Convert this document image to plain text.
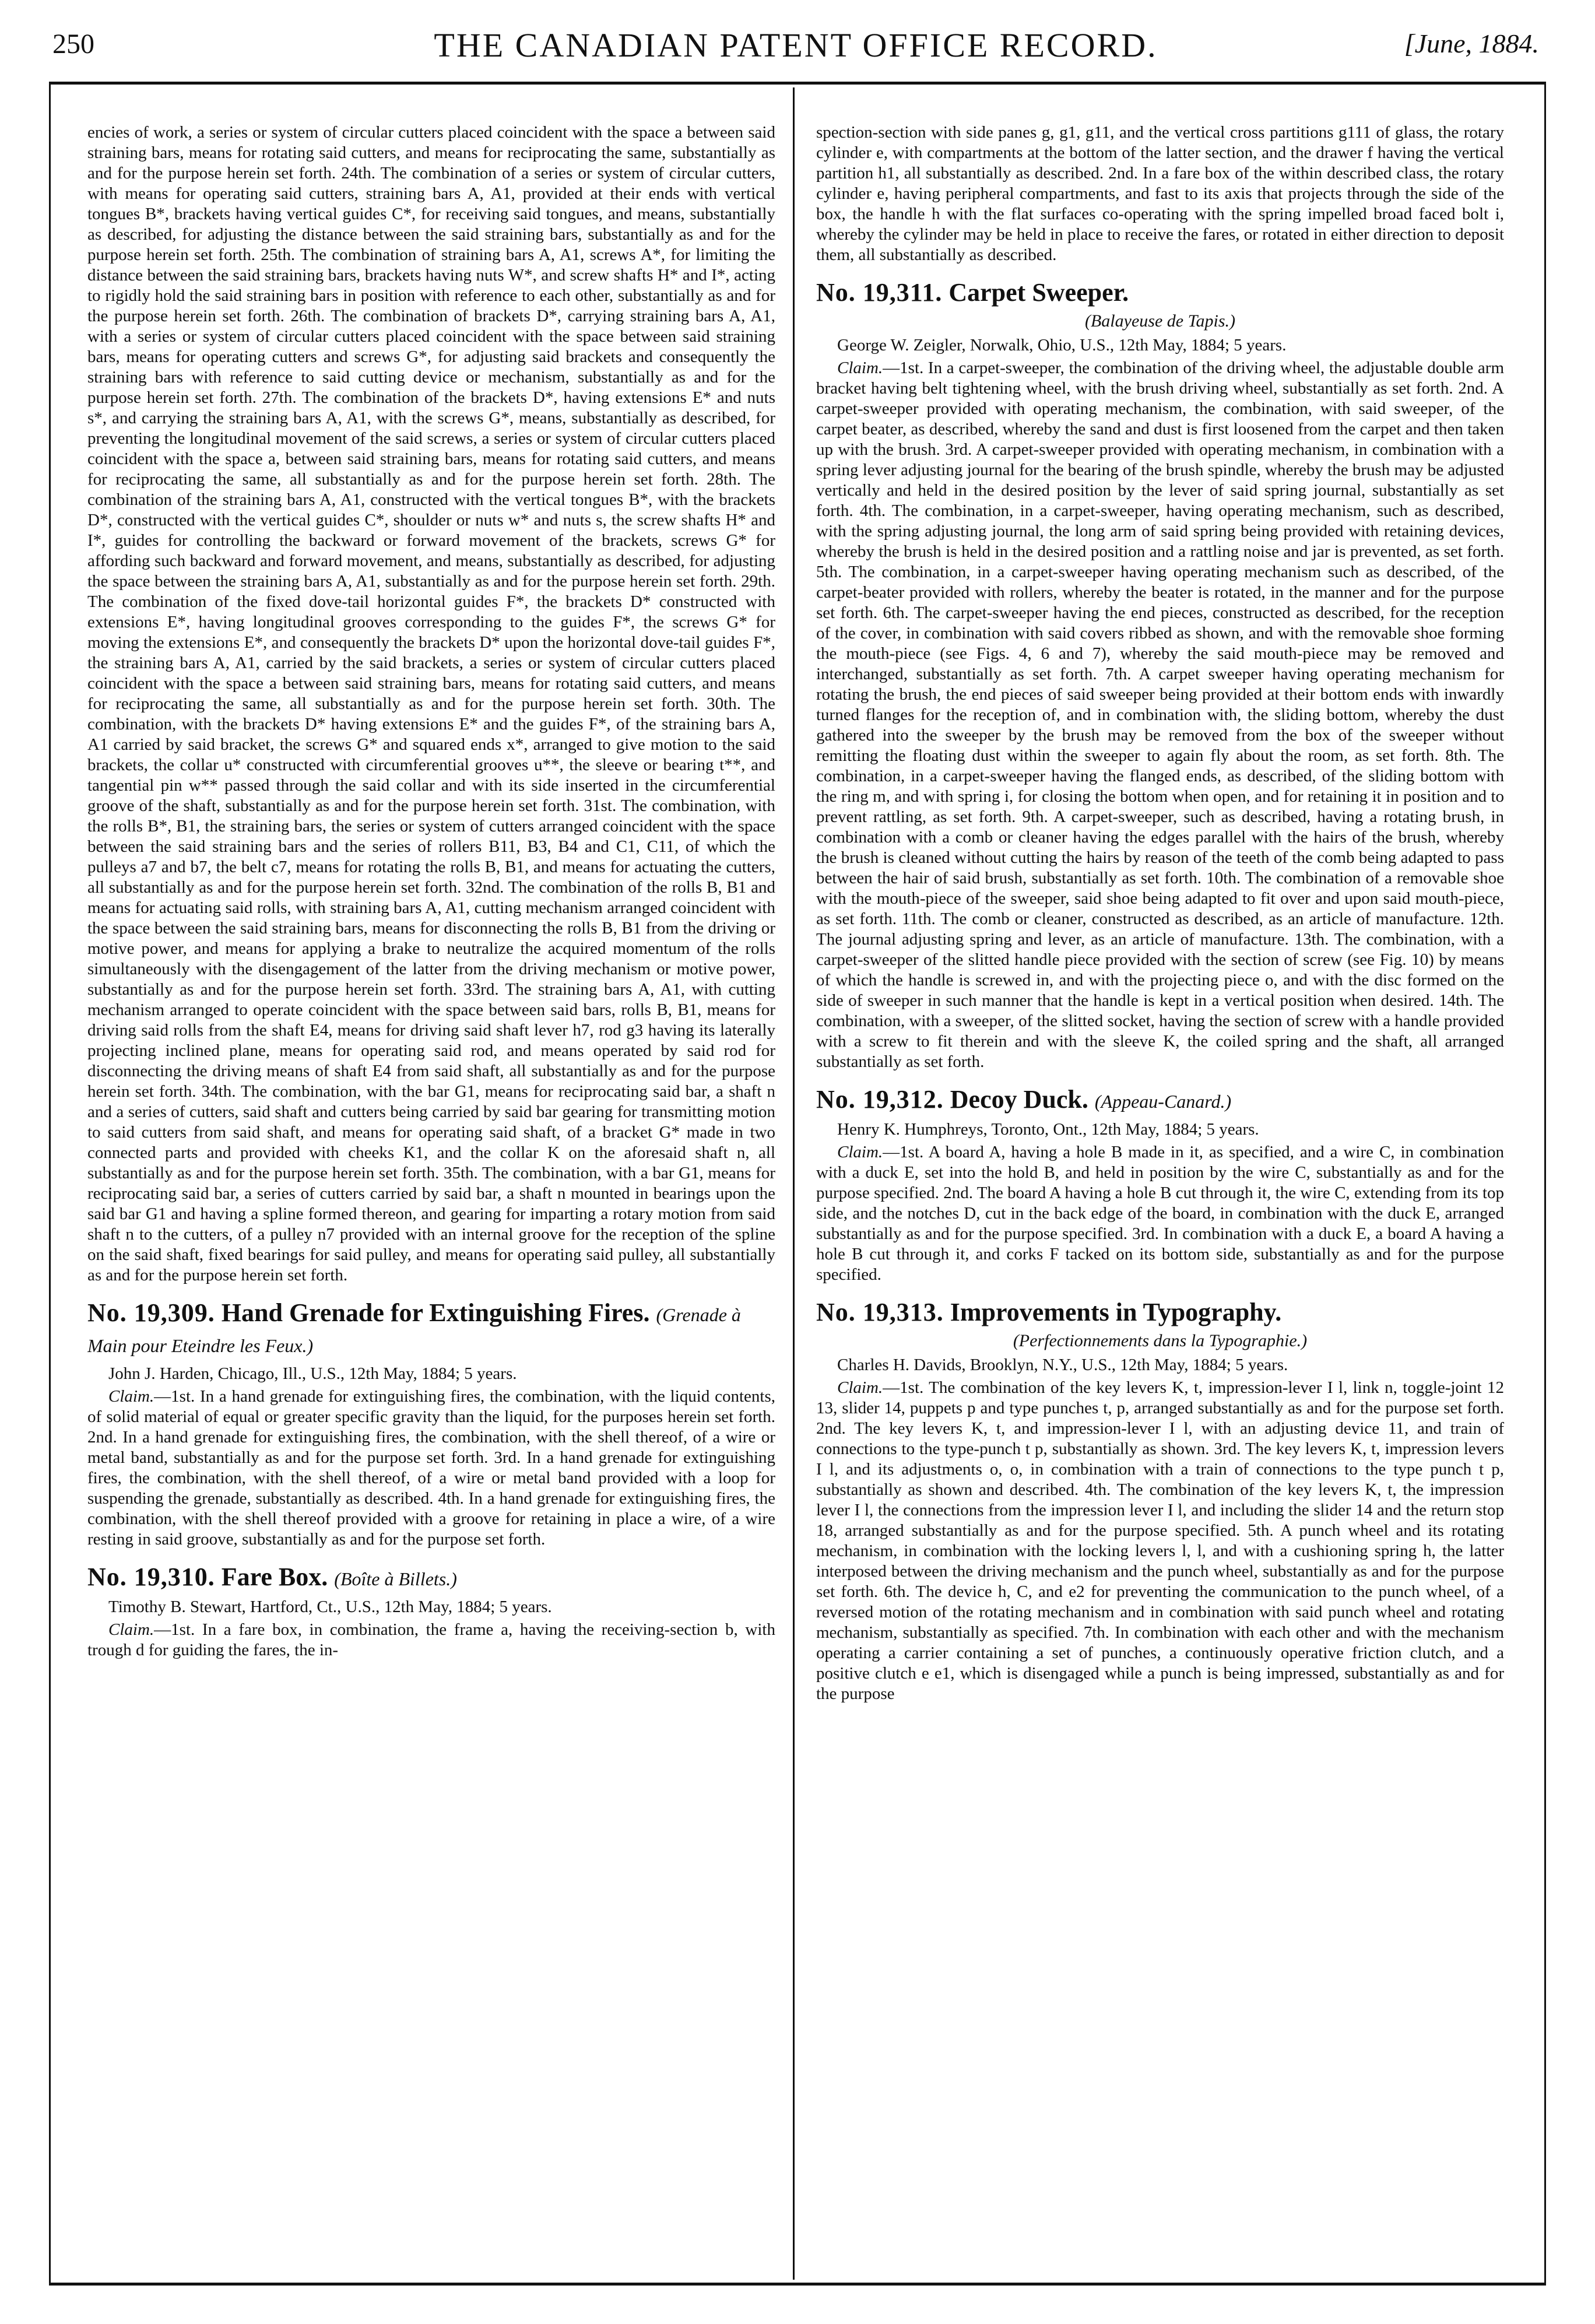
250	THE CANADIAN PATENT OFFICE RECORD.	[June, 1884.

encies of work, a series or system of circular cutters placed coincident with the space a between said straining bars, means for rotating said cutters, and means for reciprocating the same, substantially as and for the purpose herein set forth. 24th. The combination of a series or system of circular cutters, with means for operating said cutters, straining bars A, A1, provided at their ends with vertical tongues B*, brackets having vertical guides C*, for receiving said tongues, and means, substantially as described, for adjusting the distance between the said straining bars, substantially as and for the purpose herein set forth. 25th. The combination of straining bars A, A1, screws A*, for limiting the distance between the said straining bars, brackets having nuts W*, and screw shafts H* and I*, acting to rigidly hold the said straining bars in position with reference to each other, substantially as and for the purpose herein set forth. 26th. The combination of brackets D*, carrying straining bars A, A1, with a series or system of circular cutters placed coincident with the space between said straining bars, means for operating cutters and screws G*, for adjusting said brackets and consequently the straining bars with reference to said cutting device or mechanism, substantially as and for the purpose herein set forth. 27th. The combination of the brackets D*, having extensions E* and nuts s*, and carrying the straining bars A, A1, with the screws G*, means, substantially as described, for preventing the longitudinal movement of the said screws, a series or system of circular cutters placed coincident with the space a, between said straining bars, means for rotating said cutters, and means for reciprocating the same, all substantially as and for the purpose herein set forth. 28th. The combination of the straining bars A, A1, constructed with the vertical tongues B*, with the brackets D*, constructed with the vertical guides C*, shoulder or nuts w* and nuts s, the screw shafts H* and I*, guides for controlling the backward or forward movement of the brackets, screws G* for affording such backward and forward movement, and means, substantially as described, for adjusting the space between the straining bars A, A1, substantially as and for the purpose herein set forth. 29th. The combination of the fixed dove-tail horizontal guides F*, the brackets D* constructed with extensions E*, having longitudinal grooves corresponding to the guides F*, the screws G* for moving the extensions E*, and consequently the brackets D* upon the horizontal dove-tail guides F*, the straining bars A, A1, carried by the said brackets, a series or system of circular cutters placed coincident with the space a between said straining bars, means for rotating said cutters, and means for reciprocating the same, all substantially as and for the purpose herein set forth. 30th. The combination, with the brackets D* having extensions E* and the guides F*, of the straining bars A, A1 carried by said bracket, the screws G* and squared ends x*, arranged to give motion to the said brackets, the collar u* constructed with circumferential grooves u**, the sleeve or bearing t**, and tangential pin w** passed through the said collar and with its side inserted in the circumferential groove of the shaft, substantially as and for the purpose herein set forth. 31st. The combination, with the rolls B*, B1, the straining bars, the series or system of cutters arranged coincident with the space between the said straining bars and the series of rollers B11, B3, B4 and C1, C11, of which the pulleys a7 and b7, the belt c7, means for rotating the rolls B, B1, and means for actuating the cutters, all substantially as and for the purpose herein set forth. 32nd. The combination of the rolls B, B1 and means for actuating said rolls, with straining bars A, A1, cutting mechanism arranged coincident with the space between the said straining bars, means for disconnecting the rolls B, B1 from the driving or motive power, and means for applying a brake to neutralize the acquired momentum of the rolls simultaneously with the disengagement of the latter from the driving mechanism or motive power, substantially as and for the purpose herein set forth. 33rd. The straining bars A, A1, with cutting mechanism arranged to operate coincident with the space between said bars, rolls B, B1, means for driving said rolls from the shaft E4, means for driving said shaft lever h7, rod g3 having its laterally projecting inclined plane, means for operating said rod, and means operated by said rod for disconnecting the driving means of shaft E4 from said shaft, all substantially as and for the purpose herein set forth. 34th. The combination, with the bar G1, means for reciprocating said bar, a shaft n and a series of cutters, said shaft and cutters being carried by said bar gearing for transmitting motion to said cutters from said shaft, and means for operating said shaft, of a bracket G* made in two connected parts and provided with cheeks K1, and the collar K on the aforesaid shaft n, all substantially as and for the purpose herein set forth. 35th. The combination, with a bar G1, means for reciprocating said bar, a series of cutters carried by said bar, a shaft n mounted in bearings upon the said bar G1 and having a spline formed thereon, and gearing for imparting a rotary motion from said shaft n to the cutters, of a pulley n7 provided with an internal groove for the reception of the spline on the said shaft, fixed bearings for said pulley, and means for operating said pulley, all substantially as and for the purpose herein set forth.

No. 19,309. Hand Grenade for Extinguishing Fires. (Grenade à Main pour Eteindre les Feux.)

John J. Harden, Chicago, Ill., U.S., 12th May, 1884; 5 years.

Claim.—1st. In a hand grenade for extinguishing fires, the combination, with the liquid contents, of solid material of equal or greater specific gravity than the liquid, for the purposes herein set forth. 2nd. In a hand grenade for extinguishing fires, the combination, with the shell thereof, of a wire or metal band, substantially as and for the purpose set forth. 3rd. In a hand grenade for extinguishing fires, the combination, with the shell thereof, of a wire or metal band provided with a loop for suspending the grenade, substantially as described. 4th. In a hand grenade for extinguishing fires, the combination, with the shell thereof provided with a groove for retaining in place a wire, of a wire resting in said groove, substantially as and for the purpose set forth.

No. 19,310. Fare Box. (Boîte à Billets.)

Timothy B. Stewart, Hartford, Ct., U.S., 12th May, 1884; 5 years.

Claim.—1st. In a fare box, in combination, the frame a, having the receiving-section b, with trough d for guiding the fares, the in-

spection-section with side panes g, g1, g11, and the vertical cross partitions g111 of glass, the rotary cylinder e, with compartments at the bottom of the latter section, and the drawer f having the vertical partition h1, all substantially as described. 2nd. In a fare box of the within described class, the rotary cylinder e, having peripheral compartments, and fast to its axis that projects through the side of the box, the handle h with the flat surfaces co-operating with the spring impelled broad faced bolt i, whereby the cylinder may be held in place to receive the fares, or rotated in either direction to deposit them, all substantially as described.

No. 19,311. Carpet Sweeper.

(Balayeuse de Tapis.)

George W. Zeigler, Norwalk, Ohio, U.S., 12th May, 1884; 5 years.

Claim.—1st. In a carpet-sweeper, the combination of the driving wheel, the adjustable double arm bracket having belt tightening wheel, with the brush driving wheel, substantially as set forth. 2nd. A carpet-sweeper provided with operating mechanism, the combination, with said sweeper, of the carpet beater, as described, whereby the sand and dust is first loosened from the carpet and then taken up with the brush. 3rd. A carpet-sweeper provided with operating mechanism, in combination with a spring lever adjusting journal for the bearing of the brush spindle, whereby the brush may be adjusted vertically and held in the desired position by the lever of said spring journal, substantially as set forth. 4th. The combination, in a carpet-sweeper, having operating mechanism, such as described, with the spring adjusting journal, the long arm of said spring being provided with retaining devices, whereby the brush is held in the desired position and a rattling noise and jar is prevented, as set forth. 5th. The combination, in a carpet-sweeper having operating mechanism such as described, of the carpet-beater provided with rollers, whereby the beater is rotated, in the manner and for the purpose set forth. 6th. The carpet-sweeper having the end pieces, constructed as described, for the reception of the cover, in combination with said covers ribbed as shown, and with the removable shoe forming the mouth-piece (see Figs. 4, 6 and 7), whereby the said mouth-piece may be removed and interchanged, substantially as set forth. 7th. A carpet sweeper having operating mechanism for rotating the brush, the end pieces of said sweeper being provided at their bottom ends with inwardly turned flanges for the reception of, and in combination with, the sliding bottom, whereby the dust gathered into the sweeper by the brush may be removed from the box of the sweeper without remitting the floating dust within the sweeper to again fly about the room, as set forth. 8th. The combination, in a carpet-sweeper having the flanged ends, as described, of the sliding bottom with the ring m, and with spring i, for closing the bottom when open, and for retaining it in position and to prevent rattling, as set forth. 9th. A carpet-sweeper, such as described, having a rotating brush, in combination with a comb or cleaner having the edges parallel with the hairs of the brush, whereby the brush is cleaned without cutting the hairs by reason of the teeth of the comb being adapted to pass between the hair of said brush, substantially as set forth. 10th. The combination of a removable shoe with the mouth-piece of the sweeper, said shoe being adapted to fit over and upon said mouth-piece, as set forth. 11th. The comb or cleaner, constructed as described, as an article of manufacture. 12th. The journal adjusting spring and lever, as an article of manufacture. 13th. The combination, with a carpet-sweeper of the slitted handle piece provided with the section of screw (see Fig. 10) by means of which the handle is screwed in, and with the projecting piece o, and with the disc formed on the side of sweeper in such manner that the handle is kept in a vertical position when desired. 14th. The combination, with a sweeper, of the slitted socket, having the section of screw with a handle provided with a screw to fit therein and with the sleeve K, the coiled spring and the shaft, all arranged substantially as set forth.

No. 19,312. Decoy Duck. (Appeau-Canard.)

Henry K. Humphreys, Toronto, Ont., 12th May, 1884; 5 years.

Claim.—1st. A board A, having a hole B made in it, as specified, and a wire C, in combination with a duck E, set into the hold B, and held in position by the wire C, substantially as and for the purpose specified. 2nd. The board A having a hole B cut through it, the wire C, extending from its top side, and the notches D, cut in the back edge of the board, in combination with the duck E, arranged substantially as and for the purpose specified. 3rd. In combination with a duck E, a board A having a hole B cut through it, and corks F tacked on its bottom side, substantially as and for the purpose specified.

No. 19,313. Improvements in Typography.

(Perfectionnements dans la Typographie.)

Charles H. Davids, Brooklyn, N.Y., U.S., 12th May, 1884; 5 years.

Claim.—1st. The combination of the key levers K, t, impression-lever I l, link n, toggle-joint 12 13, slider 14, puppets p and type punches t, p, arranged substantially as and for the purpose set forth. 2nd. The key levers K, t, and impression-lever I l, with an adjusting device 11, and train of connections to the type-punch t p, substantially as shown. 3rd. The key levers K, t, impression levers I l, and its adjustments o, o, in combination with a train of connections to the type punch t p, substantially as shown and described. 4th. The combination of the key levers K, t, the impression lever I l, the connections from the impression lever I l, and including the slider 14 and the return stop 18, arranged substantially as and for the purpose specified. 5th. A punch wheel and its rotating mechanism, in combination with the locking levers l, l, and with a cushioning spring h, the latter interposed between the driving mechanism and the punch wheel, substantially as and for the purpose set forth. 6th. The device h, C, and e2 for preventing the communication to the punch wheel, of a reversed motion of the rotating mechanism and in combination with said punch wheel and rotating mechanism, substantially as specified. 7th. In combination with each other and with the mechanism operating a carrier containing a set of punches, a continuously operative friction clutch, and a positive clutch e e1, which is disengaged while a punch is being impressed, substantially as and for the purpose
